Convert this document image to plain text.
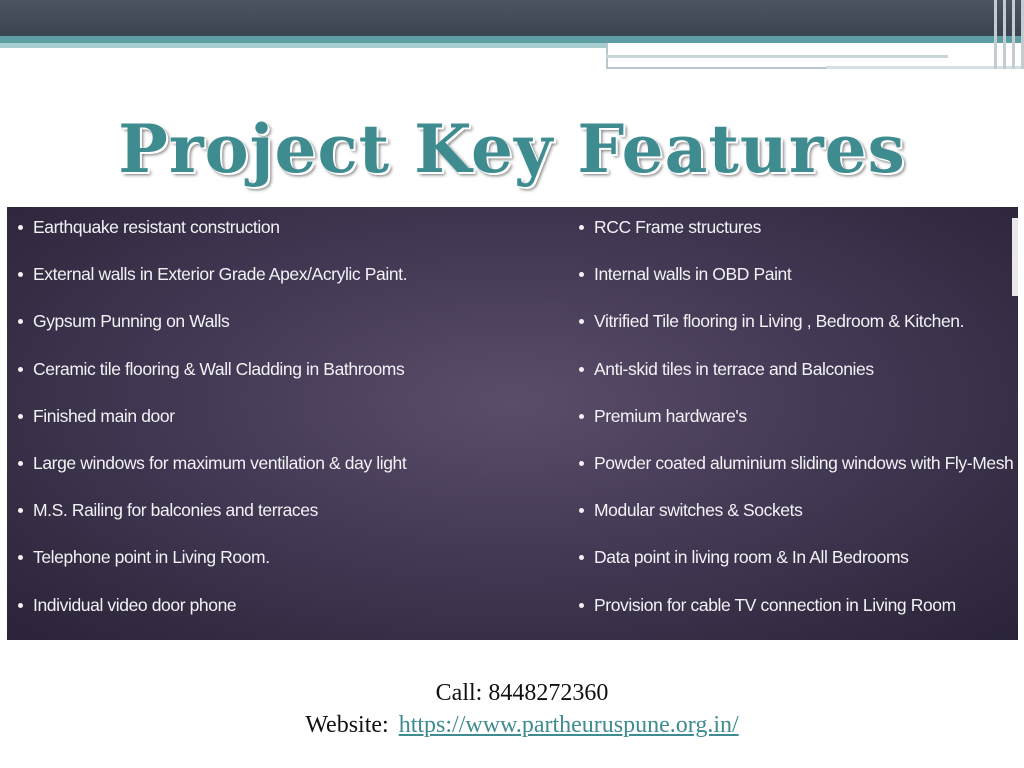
Project Key Features
Earthquake resistant construction
External walls in Exterior Grade Apex/Acrylic Paint.
Gypsum Punning on Walls
Ceramic tile flooring & Wall Cladding in Bathrooms
Finished main door
Large windows for maximum ventilation & day light
M.S. Railing for balconies and terraces
Telephone point in Living Room.
Individual video door phone
RCC Frame structures
Internal walls in OBD Paint
Vitrified Tile flooring in Living , Bedroom & Kitchen.
Anti-skid tiles in terrace and Balconies
Premium hardware's
Powder coated aluminium sliding windows with Fly-Mesh
Modular switches & Sockets
Data point in living room & In All Bedrooms
Provision for cable TV connection in Living Room
Call: 8448272360
Website: https://www.partheuruspune.org.in/
